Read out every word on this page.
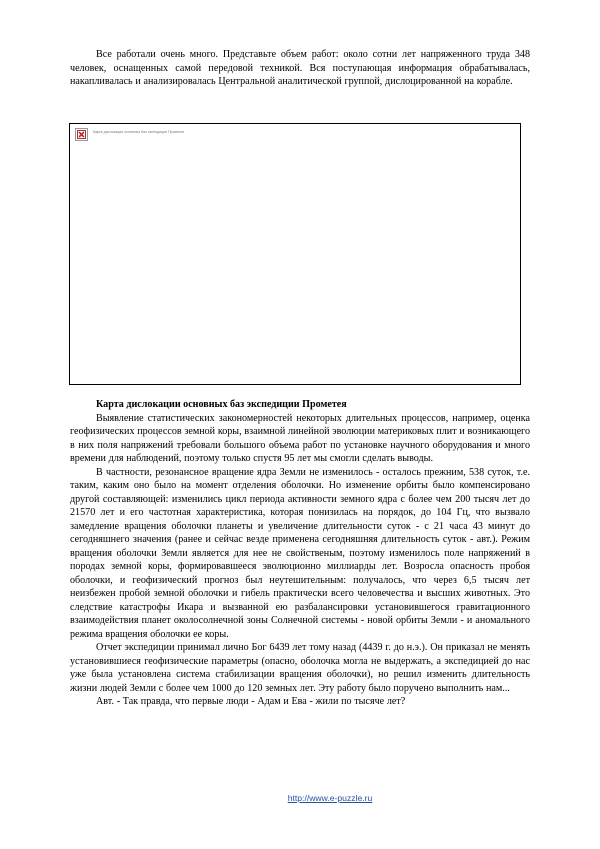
Все работали очень много. Представьте объем работ: около сотни лет напряженного труда 348 человек, оснащенных самой передовой техникой. Вся поступающая информация обрабатывалась, накапливалась и анализировалась Центральной аналитической группой, дислоцированной на корабле.

Карта дислокации основных баз экспедиции Прометея

Карта дислокации основных баз экспедиции Прометея

Выявление статистических закономерностей некоторых длительных процессов, например, оценка геофизических процессов земной коры, взаимной линейной эволюции материковых плит и возникающего в них поля напряжений требовали большого объема работ по установке научного оборудования и много времени для наблюдений, поэтому только спустя 95 лет мы смогли сделать выводы.

В частности, резонансное вращение ядра Земли не изменилось - осталось прежним, 538 суток, т.е. таким, каким оно было на момент отделения оболочки. Но изменение орбиты было компенсировано другой составляющей: изменились цикл периода активности земного ядра с более чем 200 тысяч лет до 21570 лет и его частотная характеристика, которая понизилась на порядок, до 104 Гц, что вызвало замедление вращения оболочки планеты и увеличение длительности суток - с 21 часа 43 минут до сегодняшнего значения (ранее и сейчас везде применена сегодняшняя длительность суток - авт.). Режим вращения оболочки Земли является для нее не свойственым, поэтому изменилось поле напряжений в породах земной коры, формировавшееся эволюционно миллиарды лет. Возросла опасность пробоя оболочки, и геофизический прогноз был неутешительным: получалось, что через 6,5 тысяч лет неизбежен пробой земной оболочки и гибель практически всего человечества и высших животных. Это следствие катастрофы Икара и вызванной ею разбалансировки установившегося гравитационного взаимодействия планет околосолнечной зоны Солнечной системы - новой орбиты Земли - и аномального режима вращения оболочки ее коры.

Отчет экспедиции принимал лично Бог 6439 лет тому назад (4439 г. до н.э.). Он приказал не менять установившиеся геофизические параметры (опасно, оболочка могла не выдержать, а экспедицией до нас уже была установлена система стабилизации вращения оболочки), но решил изменить длительность жизни людей Земли с более чем 1000 до 120 земных лет. Эту работу было поручено выполнить нам...

Авт. - Так правда, что первые люди - Адам и Ева - жили по тысяче лет?

http://www.e-puzzle.ru
